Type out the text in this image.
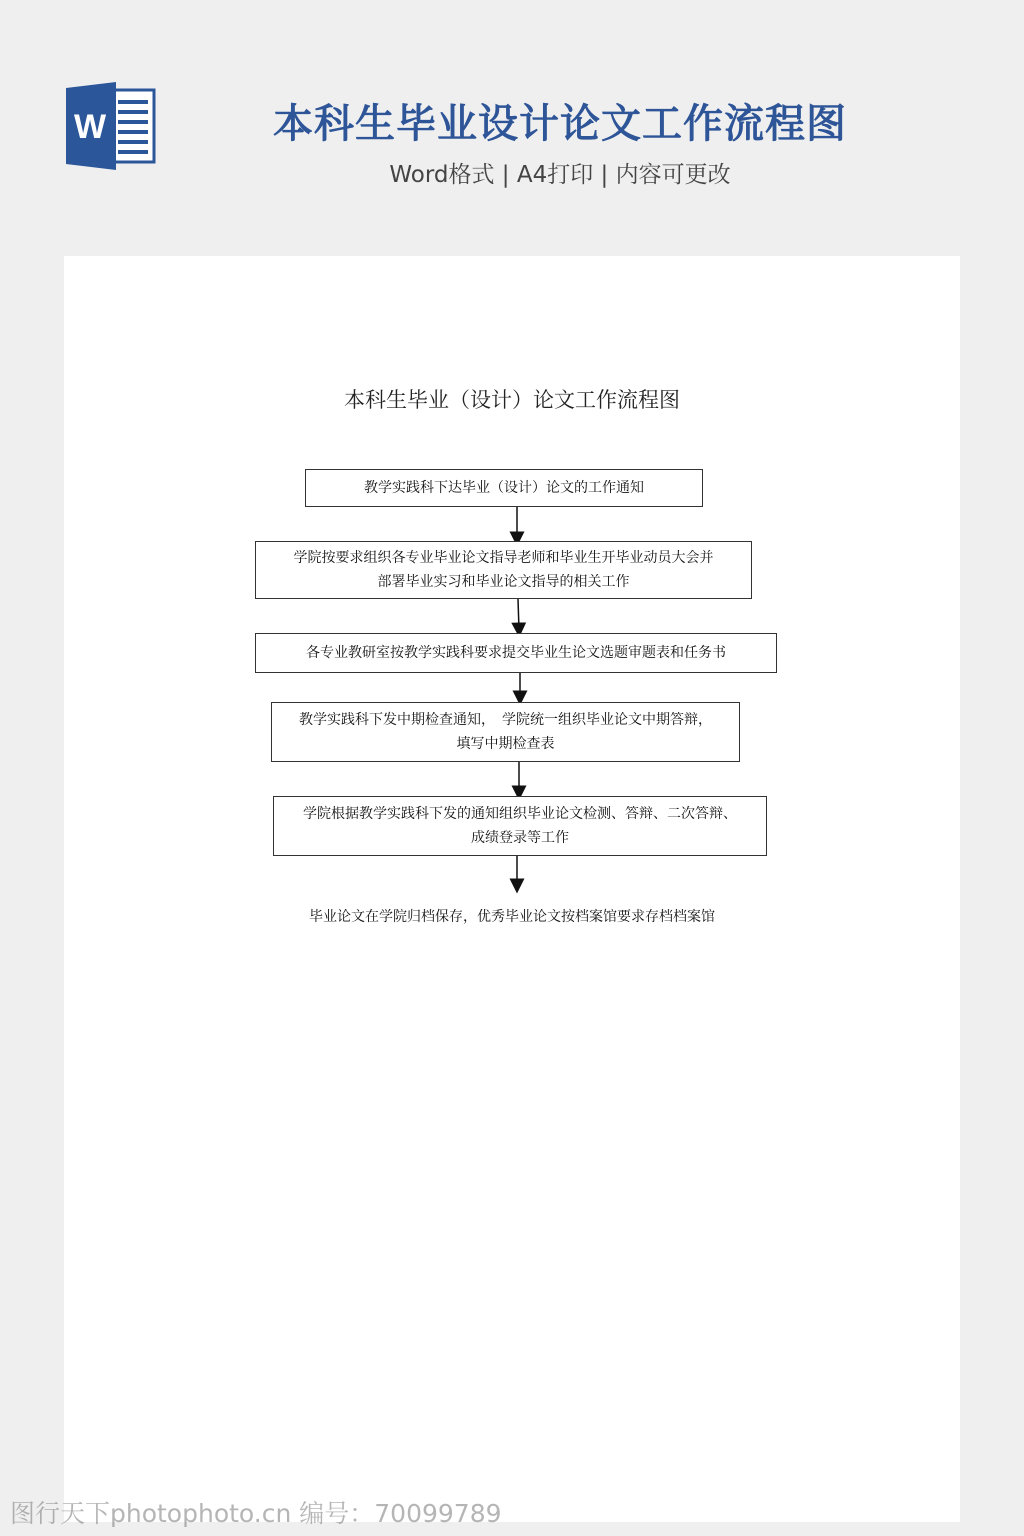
W	本科生毕业设计论文工作流程图
Word格式 | A4打印 | 内容可更改
本科生毕业（设计）论文工作流程图
教学实践科下达毕业（设计）论文的工作通知
学院按要求组织各专业毕业论文指导老师和毕业生开毕业动员大会并
部署毕业实习和毕业论文指导的相关工作
各专业教研室按教学实践科要求提交毕业生论文选题审题表和任务书
教学实践科下发中期检查通知，　学院统一组织毕业论文中期答辩，
填写中期检查表
学院根据教学实践科下发的通知组织毕业论文检测、答辩、二次答辩、
成绩登录等工作
毕业论文在学院归档保存，优秀毕业论文按档案馆要求存档档案馆
图行天下photophoto.cn 编号：70099789
